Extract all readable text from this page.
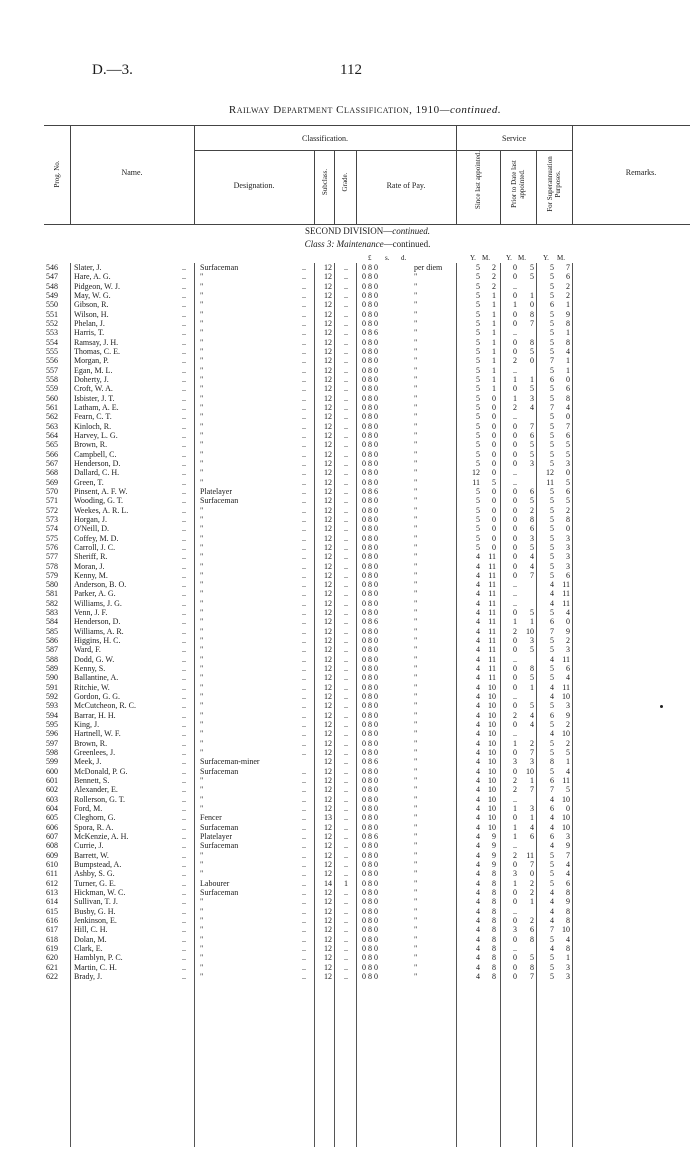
D.—3.	112
Railway Department Classification, 1910—continued.
Prog. No.	Name.
Classification.
Designation.	Subclass. Grade.	Rate of Pay.
Service
Since last appointed.	Prior to Date last appointed.	For Superannuation Purposes.	Remarks.
SECOND DIVISION—continued.
Class 3: Maintenance—continued.
£ s. d.	Y. M. Y. M. Y. M.
546	Slater, J.	.. Surfaceman	..	12	.. 0 8 0	per diem	5	2	0	5	5	7
547	Hare, A. G.	.. "	..	12	.. 0 8 0	"	5	2	0	5	5	6
548	Pidgeon, W. J.	.. "	..	12	.. 0 8 0	"	5	2	..	5	2
549	May, W. G.	.. "	..	12	.. 0 8 0	"	5	1	0	1	5	2
550	Gibson, R.	.. "	..	12	.. 0 8 0	"	5	1	1	0	6	1
551	Wilson, H.	.. "	..	12	.. 0 8 0	"	5	1	0	8	5	9
552	Phelan, J.	.. "	..	12	.. 0 8 0	"	5	1	0	7	5	8
553	Harris, T.	.. "	..	12	.. 0 8 6	"	5	1	..	5	1
554	Ramsay, J. H.	.. "	..	12	.. 0 8 0	"	5	1	0	8	5	8
555	Thomas, C. E.	.. "	..	12	.. 0 8 0	"	5	1	0	5	5	4
556	Morgan, P.	.. "	..	12	.. 0 8 0	"	5	1	2	0	7	1
557	Egan, M. L.	.. "	..	12	.. 0 8 0	"	5	1	..	5	1
558	Doherty, J.	.. "	..	12	.. 0 8 0	"	5	1	1	1	6	0
559	Croft, W. A.	.. "	..	12	.. 0 8 0	"	5	1	0	5	5	6
560	Isbister, J. T.	.. "	..	12	.. 0 8 0	"	5	0	1	3	5	8
561	Latham, A. E.	.. "	..	12	.. 0 8 0	"	5	0	2	4	7	4
562	Fearn, C. T.	.. "	..	12	.. 0 8 0	"	5	0	..	5	0
563	Kinloch, R.	.. "	..	12	.. 0 8 0	"	5	0	0	7	5	7
564	Harvey, L. G.	.. "	..	12	.. 0 8 0	"	5	0	0	6	5	6
565	Brown, R.	.. "	..	12	.. 0 8 0	"	5	0	0	5	5	5
566	Campbell, C.	.. "	..	12	.. 0 8 0	"	5	0	0	5	5	5
567	Henderson, D.	.. "	..	12	.. 0 8 0	"	5	0	0	3	5	3
568	Dallard, C. H.	.. "	..	12	.. 0 8 0	"	12	0	..	12	0
569	Green, T.	.. "	..	12	.. 0 8 0	"	11	5	..	11	5
570	Pinsent, A. F. W.	.. Platelayer	..	12	.. 0 8 6	"	5	0	0	6	5	6
571	Wooding, G. T.	.. Surfaceman	..	12	.. 0 8 0	"	5	0	0	5	5	5
572	Weekes, A. R. L.	.. "	..	12	.. 0 8 0	"	5	0	0	2	5	2
573	Horgan, J.	.. "	..	12	.. 0 8 0	"	5	0	0	8	5	8
574	O'Neill, D.	.. "	..	12	.. 0 8 0	"	5	0	0	6	5	0
575	Coffey, M. D.	.. "	..	12	.. 0 8 0	"	5	0	0	3	5	3
576	Carroll, J. C.	.. "	..	12	.. 0 8 0	"	5	0	0	5	5	3
577	Sheriff, R.	.. "	..	12	.. 0 8 0	"	4	11	0	4	5	3
578	Moran, J.	.. "	..	12	.. 0 8 0	"	4	11	0	4	5	3
579	Kenny, M.	.. "	..	12	.. 0 8 0	"	4	11	0	7	5	6
580	Anderson, B. O.	.. "	..	12	.. 0 8 0	"	4	11	..	4	11
581	Parker, A. G.	.. "	..	12	.. 0 8 0	"	4	11	..	4	11
582	Williams, J. G.	.. "	..	12	.. 0 8 0	"	4	11	..	4	11
583	Venn, J. F.	.. "	..	12	.. 0 8 0	"	4	11	0	5	5	4
584	Henderson, D.	.. "	..	12	.. 0 8 6	"	4	11	1	1	6	0
585	Williams, A. R.	.. "	..	12	.. 0 8 0	"	4	11	2	10	7	9
586	Higgins, H. C.	.. "	..	12	.. 0 8 0	"	4	11	0	3	5	2
587	Ward, F.	.. "	..	12	.. 0 8 0	"	4	11	0	5	5	3
588	Dodd, G. W.	.. "	..	12	.. 0 8 0	"	4	11	..	4	11
589	Kenny, S.	.. "	..	12	.. 0 8 0	"	4	11	0	8	5	6
590	Ballantine, A.	.. "	..	12	.. 0 8 0	"	4	11	0	5	5	4
591	Ritchie, W.	.. "	..	12	.. 0 8 0	"	4	10	0	1	4	11
592	Gordon, G. G.	.. "	..	12	.. 0 8 0	"	4	10	..	4	10
593	McCutcheon, R. C.	.. "	..	12	.. 0 8 0	"	4	10	0	5	5	3
594	Barrar, H. H.	.. "	..	12	.. 0 8 0	"	4	10	2	4	6	9
595	King, J.	.. "	..	12	.. 0 8 0	"	4	10	0	4	5	2
596	Hartnell, W. F.	.. "	..	12	.. 0 8 0	"	4	10	..	4	10
597	Brown, R.	.. "	..	12	.. 0 8 0	"	4	10	1	2	5	2
598	Greenlees, J.	.. "	..	12	.. 0 8 0	"	4	10	0	7	5	5
599	Meek, J.	.. Surfaceman-miner	12	.. 0 8 6	"	4	10	3	3	8	1
600	McDonald, P. G.	.. Surfaceman	..	12	.. 0 8 0	"	4	10	0	10	5	4
601	Bennett, S.	.. "	..	12	.. 0 8 0	"	4	10	2	1	6	11
602	Alexander, E.	.. "	..	12	.. 0 8 0	"	4	10	2	7	7	5
603	Rollerson, G. T.	.. "	..	12	.. 0 8 0	"	4	10	..	4	10
604	Ford, M.	.. "	..	12	.. 0 8 0	"	4	10	1	3	6	0
605	Cleghorn, G.	.. Fencer	..	13	.. 0 8 0	"	4	10	0	1	4	10
606	Spora, R. A.	.. Surfaceman	..	12	.. 0 8 0	"	4	10	1	4	4	10
607	McKenzie, A. H.	.. Platelayer	..	12	.. 0 8 6	"	4	9	1	6	6	3
608	Currie, J.	.. Surfaceman	..	12	.. 0 8 0	"	4	9	..	4	9
609	Barrett, W.	.. "	..	12	.. 0 8 0	"	4	9	2	11	5	7
610	Bumpstead, A.	.. "	..	12	.. 0 8 0	"	4	9	0	7	5	4
611	Ashby, S. G.	.. "	..	12	.. 0 8 0	"	4	8	3	0	5	4
612	Turner, G. E.	.. Labourer	..	14	1 0 8 0	"	4	8	1	2	5	6
613	Hickman, W. C.	.. Surfaceman	..	12	.. 0 8 0	"	4	8	0	2	4	8
614	Sullivan, T. J.	.. "	..	12	.. 0 8 0	"	4	8	0	1	4	9
615	Busby, G. H.	.. "	..	12	.. 0 8 0	"	4	8	..	4	8
616	Jenkinson, E.	.. "	..	12	.. 0 8 0	"	4	8	0	2	4	8
617	Hill, C. H.	.. "	..	12	.. 0 8 0	"	4	8	3	6	7	10
618	Dolan, M.	.. "	..	12	.. 0 8 0	"	4	8	0	8	5	4
619	Clark, E.	.. "	..	12	.. 0 8 0	"	4	8	..	4	8
620	Hamblyn, P. C.	.. "	..	12	.. 0 8 0	"	4	8	0	5	5	1
621	Martin, C. H.	.. "	..	12	.. 0 8 0	"	4	8	0	8	5	3
622	Brady, J.	.. "	..	12	.. 0 8 0	"	4	8	0	7	5	3
